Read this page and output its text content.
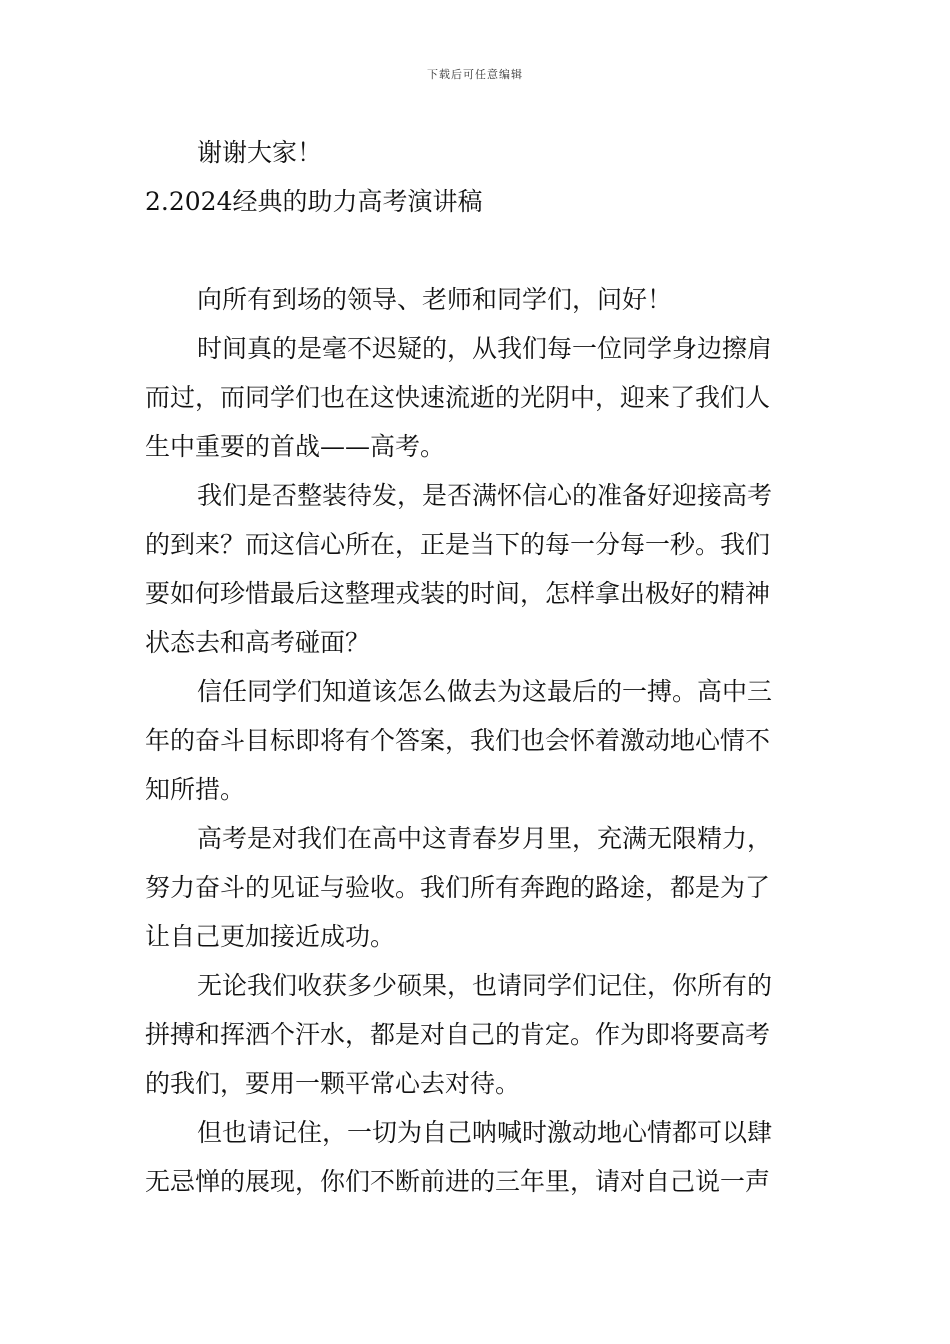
下载后可任意编辑
谢谢大家！
2.2024经典的助力高考演讲稿
向所有到场的领导、老师和同学们，问好！
时间真的是毫不迟疑的，从我们每一位同学身边擦肩
而过，而同学们也在这快速流逝的光阴中，迎来了我们人
生中重要的首战——高考。
我们是否整装待发，是否满怀信心的准备好迎接高考
的到来？而这信心所在，正是当下的每一分每一秒。我们
要如何珍惜最后这整理戎装的时间，怎样拿出极好的精神
状态去和高考碰面？
信任同学们知道该怎么做去为这最后的一搏。高中三
年的奋斗目标即将有个答案，我们也会怀着激动地心情不
知所措。
高考是对我们在高中这青春岁月里，充满无限精力，
努力奋斗的见证与验收。我们所有奔跑的路途，都是为了
让自己更加接近成功。
无论我们收获多少硕果，也请同学们记住，你所有的
拼搏和挥洒个汗水，都是对自己的肯定。作为即将要高考
的我们，要用一颗平常心去对待。
但也请记住，一切为自己呐喊时激动地心情都可以肆
无忌惮的展现，你们不断前进的三年里，请对自己说一声
